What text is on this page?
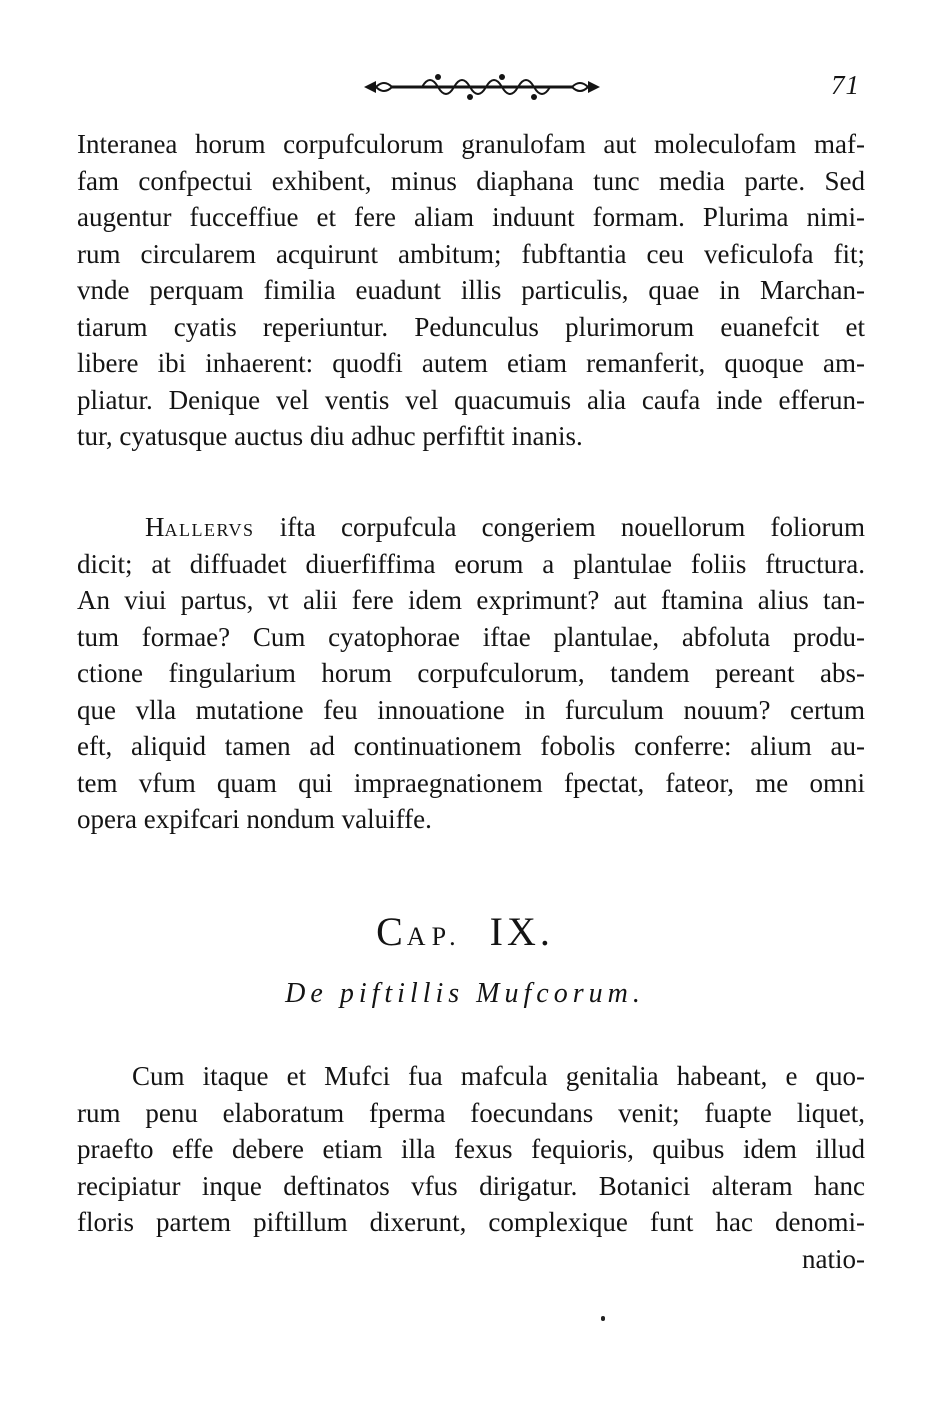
71
Interanea horum corpufculorum granulofam aut moleculofam maf-
fam confpectui exhibent, minus diaphana tunc media parte. Sed
augentur fucceffiue et fere aliam induunt formam. Plurima nimi-
rum circularem acquirunt ambitum; fubftantia ceu veficulofa fit;
vnde perquam fimilia euadunt illis particulis, quae in Marchan-
tiarum cyatis reperiuntur. Pedunculus plurimorum euanefcit et
libere ibi inhaerent: quodfi autem etiam remanferit, quoque am-
pliatur. Denique vel ventis vel quacumuis alia caufa inde efferun-
tur, cyatusque auctus diu adhuc perfiftit inanis.
HALLERVS ifta corpufcula congeriem nouellorum foliorum
dicit; at diffuadet diuerfiffima eorum a plantulae foliis ftructura.
An viui partus, vt alii fere idem exprimunt? aut ftamina alius tan-
tum formae? Cum cyatophorae iftae plantulae, abfoluta produ-
ctione fingularium horum corpufculorum, tandem pereant abs-
que vlla mutatione feu innouatione in furculum nouum? certum
eft, aliquid tamen ad continuationem fobolis conferre: alium au-
tem vfum quam qui impraegnationem fpectat, fateor, me omni
opera expifcari nondum valuiffe.
CAP. IX.
De piftillis Mufcorum.
Cum itaque et Mufci fua mafcula genitalia habeant, e quo-
rum penu elaboratum fperma foecundans venit; fuapte liquet,
praefto effe debere etiam illa fexus fequioris, quibus idem illud
recipiatur inque deftinatos vfus dirigatur. Botanici alteram hanc
floris partem piftillum dixerunt, complexique funt hac denomi-
natio-
